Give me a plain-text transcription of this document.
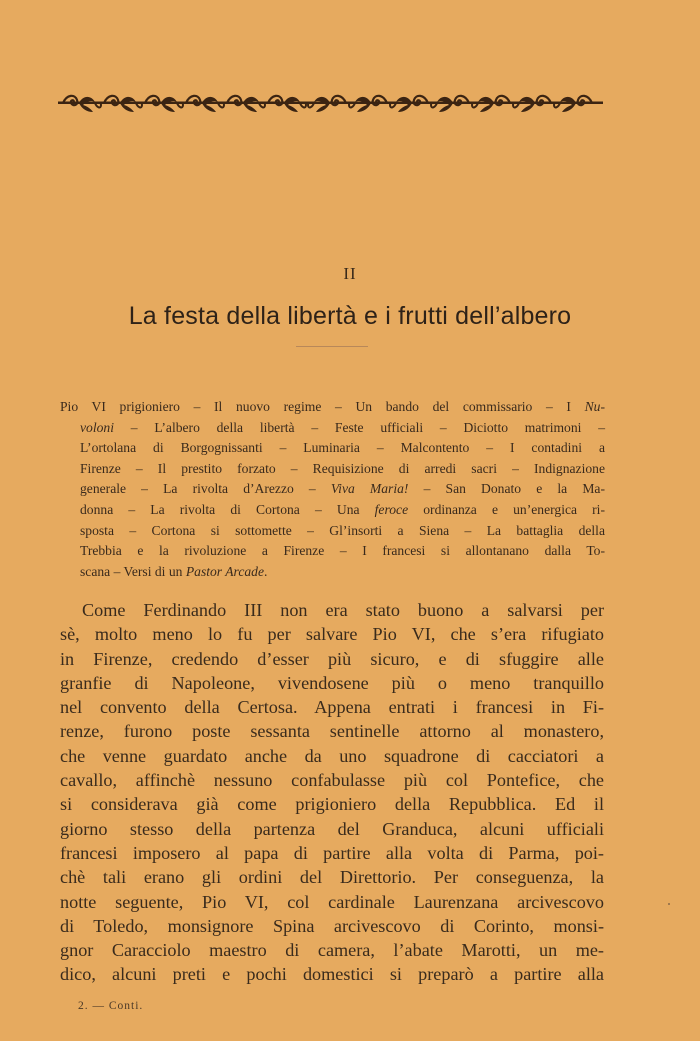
II
La festa della libertà e i frutti dell’albero
Pio VI prigioniero – Il nuovo regime – Un bando del commissario – I Nu-
voloni – L’albero della libertà – Feste ufficiali – Diciotto matrimoni –
L’ortolana di Borgognissanti – Luminaria – Malcontento – I contadini a
Firenze – Il prestito forzato – Requisizione di arredi sacri – Indignazione
generale – La rivolta d’Arezzo – Viva Maria! – San Donato e la Ma-
donna – La rivolta di Cortona – Una feroce ordinanza e un’energica ri-
sposta – Cortona si sottomette – Gl’insorti a Siena – La battaglia della
Trebbia e la rivoluzione a Firenze – I francesi si allontanano dalla To-
scana – Versi di un Pastor Arcade.
Come Ferdinando III non era stato buono a salvarsi per
sè, molto meno lo fu per salvare Pio VI, che s’era rifugiato
in Firenze, credendo d’esser più sicuro, e di sfuggire alle
granfie di Napoleone, vivendosene più o meno tranquillo
nel convento della Certosa. Appena entrati i francesi in Fi-
renze, furono poste sessanta sentinelle attorno al monastero,
che venne guardato anche da uno squadrone di cacciatori a
cavallo, affinchè nessuno confabulasse più col Pontefice, che
si considerava già come prigioniero della Repubblica. Ed il
giorno stesso della partenza del Granduca, alcuni ufficiali
francesi imposero al papa di partire alla volta di Parma, poi-
chè tali erano gli ordini del Direttorio. Per conseguenza, la
notte seguente, Pio VI, col cardinale Laurenzana arcivescovo
di Toledo, monsignore Spina arcivescovo di Corinto, monsi-
gnor Caracciolo maestro di camera, l’abate Marotti, un me-
dico, alcuni preti e pochi domestici si preparò a partire alla
2. — Conti.
